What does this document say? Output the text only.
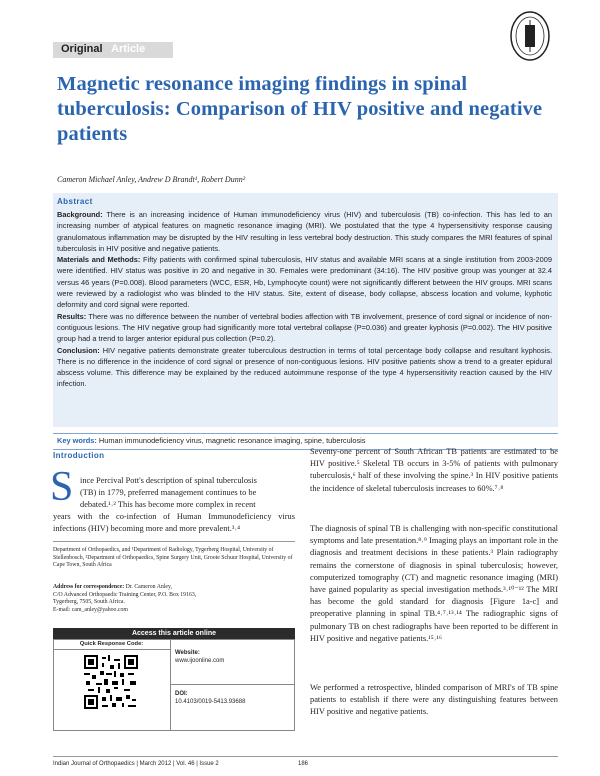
Original Article
Magnetic resonance imaging findings in spinal tuberculosis: Comparison of HIV positive and negative patients
Cameron Michael Anley, Andrew D Brandt¹, Robert Dunn²
Abstract
Background: There is an increasing incidence of Human immunodeficiency virus (HIV) and tuberculosis (TB) co-infection. This has led to an increasing number of atypical features on magnetic resonance imaging (MRI). We postulated that the type 4 hypersensitivity response causing granulomatous inflammation may be disrupted by the HIV resulting in less vertebral body destruction. This study compares the MRI features of spinal tuberculosis in HIV positive and negative patients.
Materials and Methods: Fifty patients with confirmed spinal tuberculosis, HIV status and available MRI scans at a single institution from 2003-2009 were identified. HIV status was positive in 20 and negative in 30. Females were predominant (34:16). The HIV positive group was younger at 32.4 versus 46 years (P=0.008). Blood parameters (WCC, ESR, Hb, Lymphocyte count) were not significantly different between the HIV groups. MRI scans were reviewed by a radiologist who was blinded to the HIV status. Site, extent of disease, body collapse, abscess location and volume, kyphotic deformity and cord signal were reported.
Results: There was no difference between the number of vertebral bodies affection with TB involvement, presence of cord signal or incidence of non-contiguous lesions. The HIV negative group had significantly more total vertebral collapse (P=0.036) and greater kyphosis (P=0.002). The HIV positive group had a trend to larger anterior epidural pus collection (P=0.2).
Conclusion: HIV negative patients demonstrate greater tuberculous destruction in terms of total percentage body collapse and resultant kyphosis. There is no difference in the incidence of cord signal or presence of non-contiguous lesions. HIV positive patients show a trend to a greater epidural abscess volume. This difference may be explained by the reduced autoimmune response of the type 4 hypersensitivity reaction caused by the HIV infection.
Key words: Human immunodeficiency virus, magnetic resonance imaging, spine, tuberculosis
Introduction
S ince Percival Pott's description of spinal tuberculosis
(TB) in 1779, preferred management continues to be
debated.¹˒² This has become more complex in recent
years with the co-infection of Human Immunodeficiency virus infections (HIV) becoming more and more prevalent.³˒⁴
Department of Orthopaedics, and ¹Department of Radiology, Tygerberg Hospital, University of Stellenbosch, ²Department of Orthopaedics, Spine Surgery Unit, Groote Schuur Hospital, University of Cape Town, South Africa
Address for correspondence: Dr. Cameron Anley,
C/O Advanced Orthopaedic Training Center, P.O. Box 19163,
Tygerberg, 7505, South Africa.
E-mail: cam_anley@yahoo.com
Access this article online
Quick Response Code:
Website:
www.ijoonline.com
DOI:
10.4103/0019-5413.93688
Seventy-one percent of South African TB patients are estimated to be HIV positive.⁵ Skeletal TB occurs in 3-5% of patients with pulmonary tuberculosis,⁶ half of these involving the spine.³ In HIV positive patients the incidence of skeletal tuberculosis increases to 60%.⁷˒⁸
The diagnosis of spinal TB is challenging with non-specific constitutional symptoms and late presentation.⁸˒⁹ Imaging plays an important role in the diagnosis and treatment decisions in these patients.³ Plain radiography remains the cornerstone of diagnosis in spinal tuberculosis; however, computerized tomography (CT) and magnetic resonance imaging (MRI) have gained popularity as special investigation methods.³˒¹⁰⁻¹² The MRI has become the gold standard for diagnosis [Figure 1a-c] and preoperative planning in spinal TB.⁴˒⁷˒¹³˒¹⁴ The radiographic signs of pulmonary TB on chest radiographs have been reported to be different in HIV positive and negative patients.¹⁵˒¹⁶
We performed a retrospective, blinded comparison of MRI's of TB spine patients to establish if there were any distinguishing features between HIV positive and negative patients.
Indian Journal of Orthopaedics | March 2012 | Vol. 46 | Issue 2	186
